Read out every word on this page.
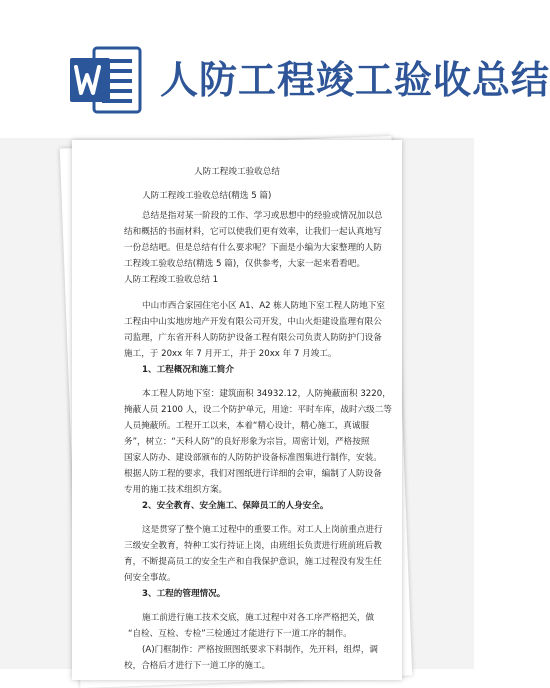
人防工程竣工验收总结
人防工程竣工验收总结
人防工程竣工验收总结(精选 5 篇)
总结是指对某一阶段的工作、学习或思想中的经验或情况加以总
结和概括的书面材料，它可以使我们更有效率，让我们一起认真地写
一份总结吧。但是总结有什么要求呢？下面是小编为大家整理的人防
工程竣工验收总结(精选 5 篇)，仅供参考，大家一起来看看吧。
人防工程竣工验收总结 1
中山市西合家园住宅小区 A1、A2 栋人防地下室工程人防地下室
工程由中山实地房地产开发有限公司开发，中山火炬建设监理有限公
司监理，广东省开科人防防护设备工程有限公司负责人防防护门设备
施工，于 20xx 年 7 月开工，并于 20xx 年 7 月竣工。
1、工程概况和施工简介
本工程人防地下室：建筑面积 34932.12，人防掩蔽面积 3220，
掩蔽人员 2100 人，设二个防护单元，用途：平时车库，战时六级二等
人员掩蔽所。工程开工以来，本着“精心设计，精心施工，真诚服
务”，树立：“天科人防”的良好形象为宗旨，周密计划，严格按照
国家人防办、建设部颁布的人防防护设备标准图集进行制作，安装。
根据人防工程的要求，我们对图纸进行详细的会审，编制了人防设备
专用的施工技术组织方案。
2、安全教育、安全施工、保障员工的人身安全。
这是贯穿了整个施工过程中的重要工作。对工人上岗前重点进行
三级安全教育，特种工实行持证上岗，由班组长负责进行班前班后教
育，不断提高员工的安全生产和自我保护意识，施工过程没有发生任
何安全事故。
3、工程的管理情况。
施工前进行施工技术交底，施工过程中对各工序严格把关，做
“自检、互检、专检”三检通过才能进行下一道工序的制作。
(A)门框制作：严格按照图纸要求下料制作，先开料，组焊，调
校，合格后才进行下一道工序的施工。
